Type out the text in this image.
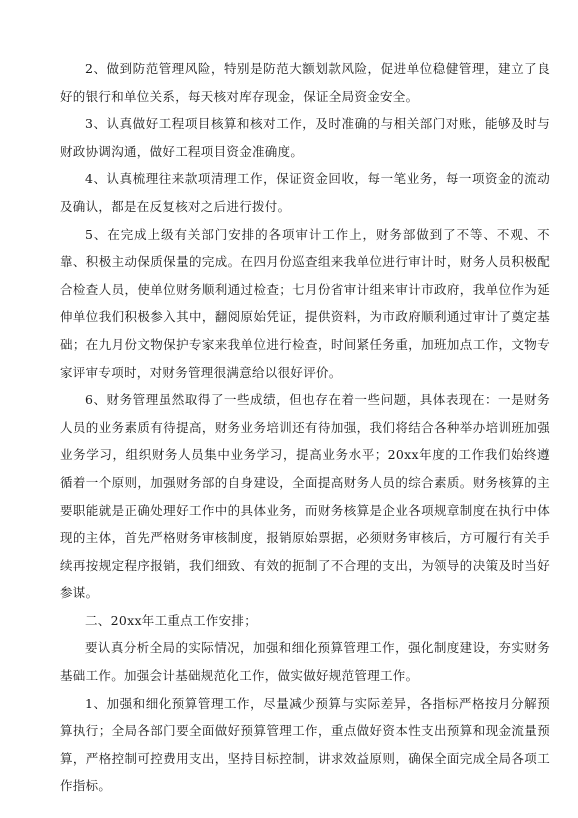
2、做到防范管理风险，特别是防范大额划款风险，促进单位稳健管理，建立了良好的银行和单位关系，每天核对库存现金，保证全局资金安全。

3、认真做好工程项目核算和核对工作，及时准确的与相关部门对账，能够及时与财政协调沟通，做好工程项目资金准确度。

4、认真梳理往来款项清理工作，保证资金回收，每一笔业务，每一项资金的流动及确认，都是在反复核对之后进行拨付。

5、在完成上级有关部门安排的各项审计工作上，财务部做到了不等、不观、不靠、积极主动保质保量的完成。在四月份巡查组来我单位进行审计时，财务人员积极配合检查人员，使单位财务顺利通过检查；七月份省审计组来审计市政府，我单位作为延伸单位我们积极参入其中，翻阅原始凭证，提供资料，为市政府顺利通过审计了奠定基础；在九月份文物保护专家来我单位进行检查，时间紧任务重，加班加点工作，文物专家评审专项时，对财务管理很满意给以很好评价。

6、财务管理虽然取得了一些成绩，但也存在着一些问题，具体表现在：一是财务人员的业务素质有待提高，财务业务培训还有待加强，我们将结合各种举办培训班加强业务学习，组织财务人员集中业务学习，提高业务水平；20xx年度的工作我们始终遵循着一个原则，加强财务部的自身建设，全面提高财务人员的综合素质。财务核算的主要职能就是正确处理好工作中的具体业务，而财务核算是企业各项规章制度在执行中体现的主体，首先严格财务审核制度，报销原始票据，必须财务审核后，方可履行有关手续再按规定程序报销，我们细致、有效的扼制了不合理的支出，为领导的决策及时当好参谋。

二、20xx年工重点工作安排；

要认真分析全局的实际情况，加强和细化预算管理工作，强化制度建设，夯实财务基础工作。加强会计基础规范化工作，做实做好规范管理工作。

1、加强和细化预算管理工作，尽量减少预算与实际差异，各指标严格按月分解预算执行；全局各部门要全面做好预算管理工作，重点做好资本性支出预算和现金流量预算，严格控制可控费用支出，坚持目标控制，讲求效益原则，确保全面完成全局各项工作指标。
